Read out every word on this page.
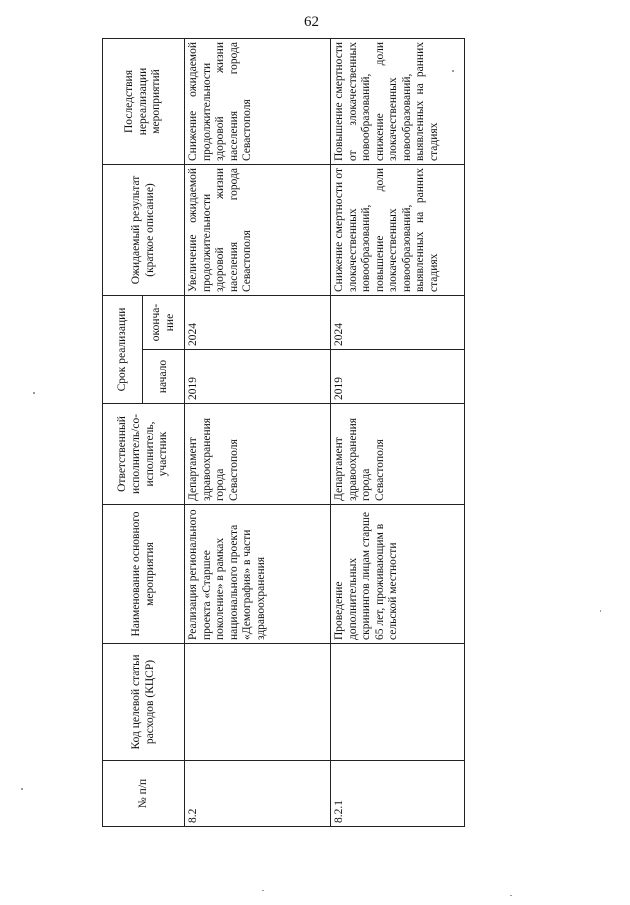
62
№ п/п	Код целевой статьи расходов (КЦСР)	Наименование основного мероприятия	Ответственный исполнитель/со-исполнитель, участник	Срок реализации		Ожидаемый результат (краткое описание)	Последствия нереализации мероприятий
				начало	оконча-ние		
8.2		Реализация регионального проекта «Старшее поколение» в рамках национального проекта «Демография» в части здравоохранения	Департамент здравоохранения города Севастополя	2019	2024	Увеличение ожидаемой продолжительности здоровой жизни населения города Севастополя	Снижение ожидаемой продолжительности здоровой жизни населения города Севастополя
8.2.1		Проведение дополнительных скринингов лицам старше 65 лет, проживающим в сельской местности	Департамент здравоохранения города Севастополя	2019	2024	Снижение смертности от злокачественных новообразований, повышение доли злокачественных новообразований, выявленных на ранних стадиях	Повышение смертности от злокачественных новообразований, снижение доли злокачественных новообразований, выявленных на ранних стадиях
